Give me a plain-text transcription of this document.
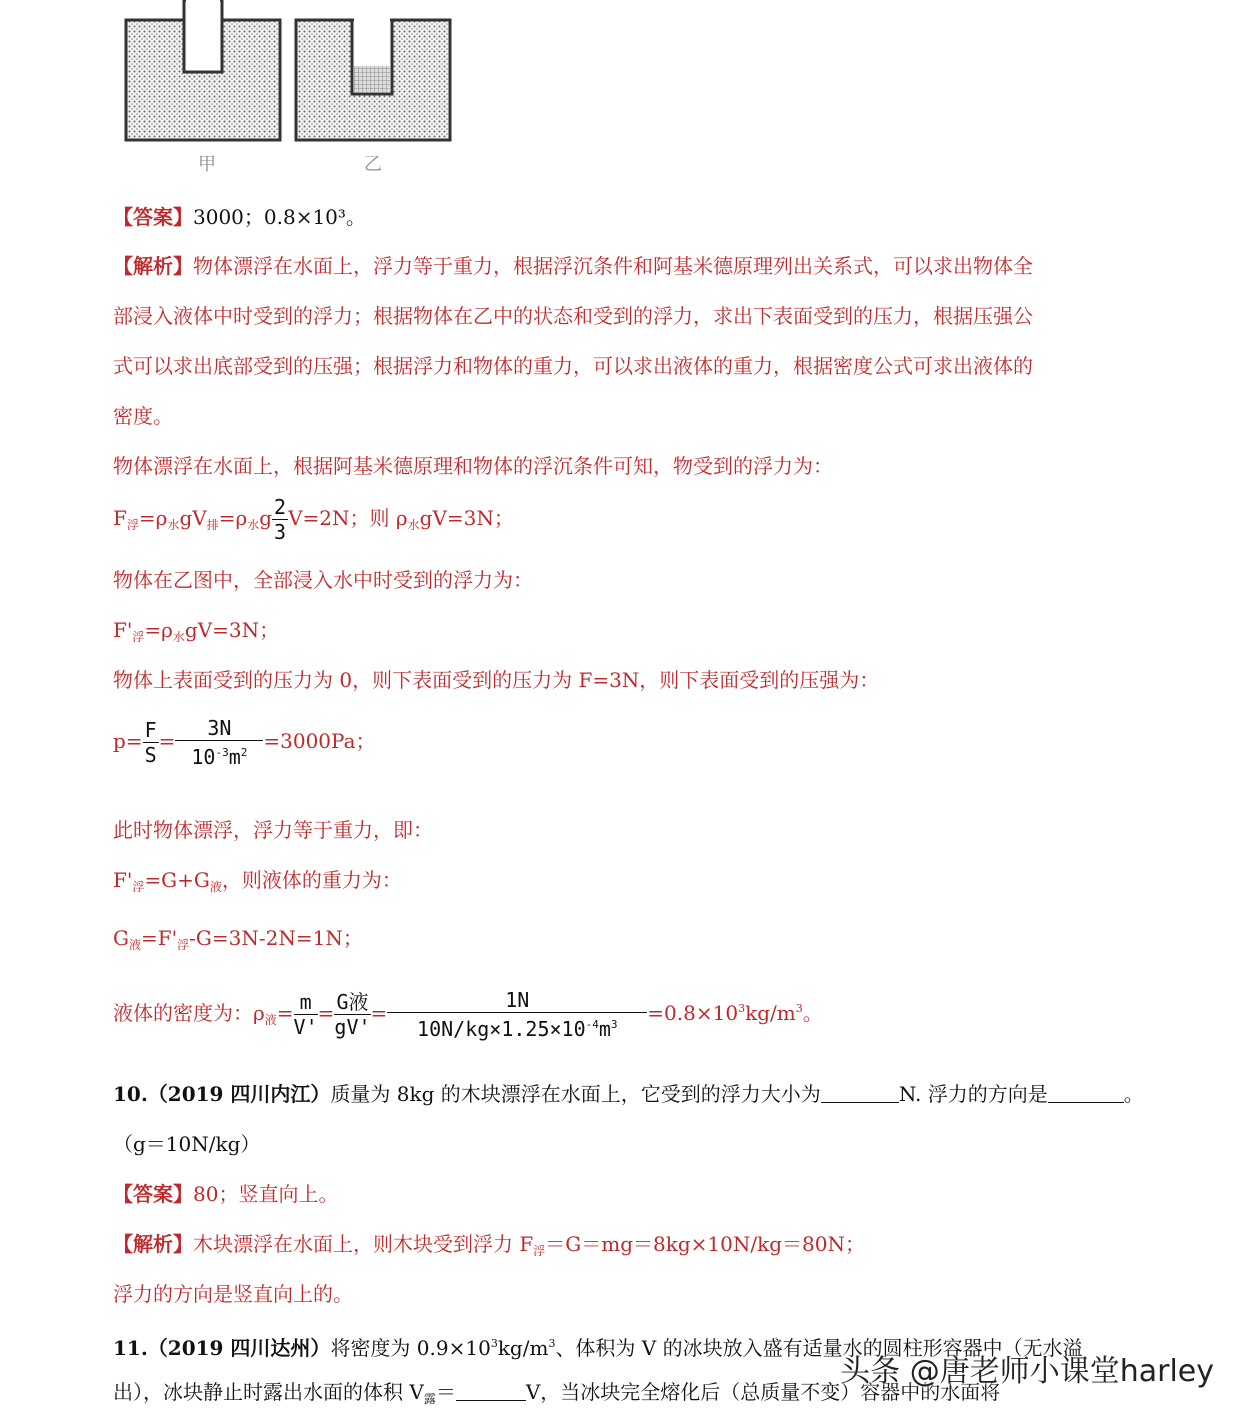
甲	乙
【答案】3000；0.8×10³。
【解析】物体漂浮在水面上，浮力等于重力，根据浮沉条件和阿基米德原理列出关系式，可以求出物体全
部浸入液体中时受到的浮力；根据物体在乙中的状态和受到的浮力，求出下表面受到的压力，根据压强公
式可以求出底部受到的压强；根据浮力和物体的重力，可以求出液体的重力，根据密度公式可求出液体的
密度。
物体漂浮在水面上，根据阿基米德原理和物体的浮沉条件可知，物受到的浮力为：
$F_浮=\rho_水gV_排=\rho_水g \frac{2}{3} V=2N$；则 $\rho_水gV=3N$；
物体在乙图中，全部浸入水中时受到的浮力为：
$F'_浮=\rho_水gV=3N$；
物体上表面受到的压力为 0，则下表面受到的压力为 F=3N，则下表面受到的压强为：
$p= \frac{F}{S} = \frac{3N}{10^{-3}m^2} =3000Pa$；
此时物体漂浮，浮力等于重力，即：
$F'_浮=G+G_液$，则液体的重力为：
$G_液=F'_浮-G=3N-2N=1N$；
液体的密度为：$\rho_液= \frac{m}{V'} = \frac{\text{G液}}{gV'} = \frac{1N}{10N/kg\times 1.25\times 10^{-4}m^3} =0.8\times 10^3kg/m^3$。
10.（2019 四川内江）质量为 8kg 的木块漂浮在水面上，它受到的浮力大小为	N. 浮力的方向是	。
（g＝10N/kg）
【答案】80；竖直向上。
【解析】木块漂浮在水面上，则木块受到浮力 $F_浮=G=mg=8kg\times 10N/kg=80N$；
浮力的方向是竖直向上的。
11.（2019 四川达州）将密度为 $0.9\times 10^3kg/m^3$、体积为 V 的冰块放入盛有适量水的圆柱形容器中（无水溢
出），冰块静止时露出水面的体积 $V_露=$	V，当冰块完全熔化后（总质量不变）容器中的水面将
头条 @唐老师小课堂harley
